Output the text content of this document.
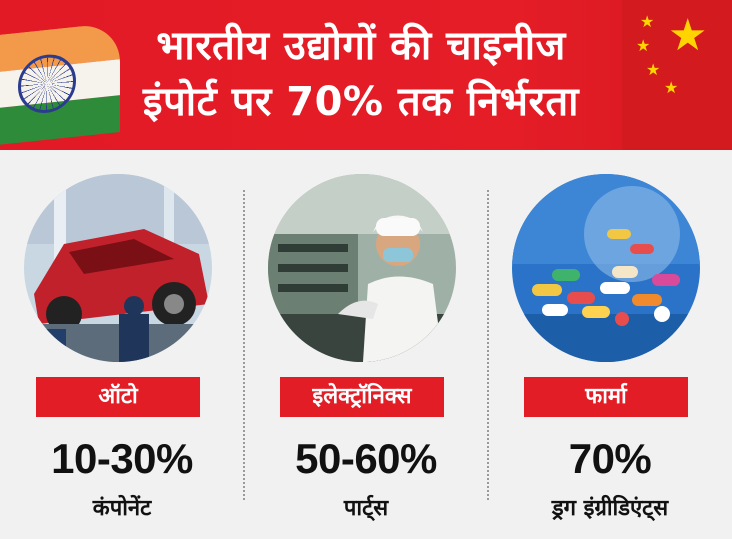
भारतीय उद्योगों की चाइनीज
इंपोर्ट पर 70% तक निर्भरता
★
★
★
★
★
ऑटो
10-30%
कंपोनेंट
इलेक्ट्रॉनिक्स
50-60%
पार्ट्स
फार्मा
70%
ड्रग इंग्रीडिएंट्स
